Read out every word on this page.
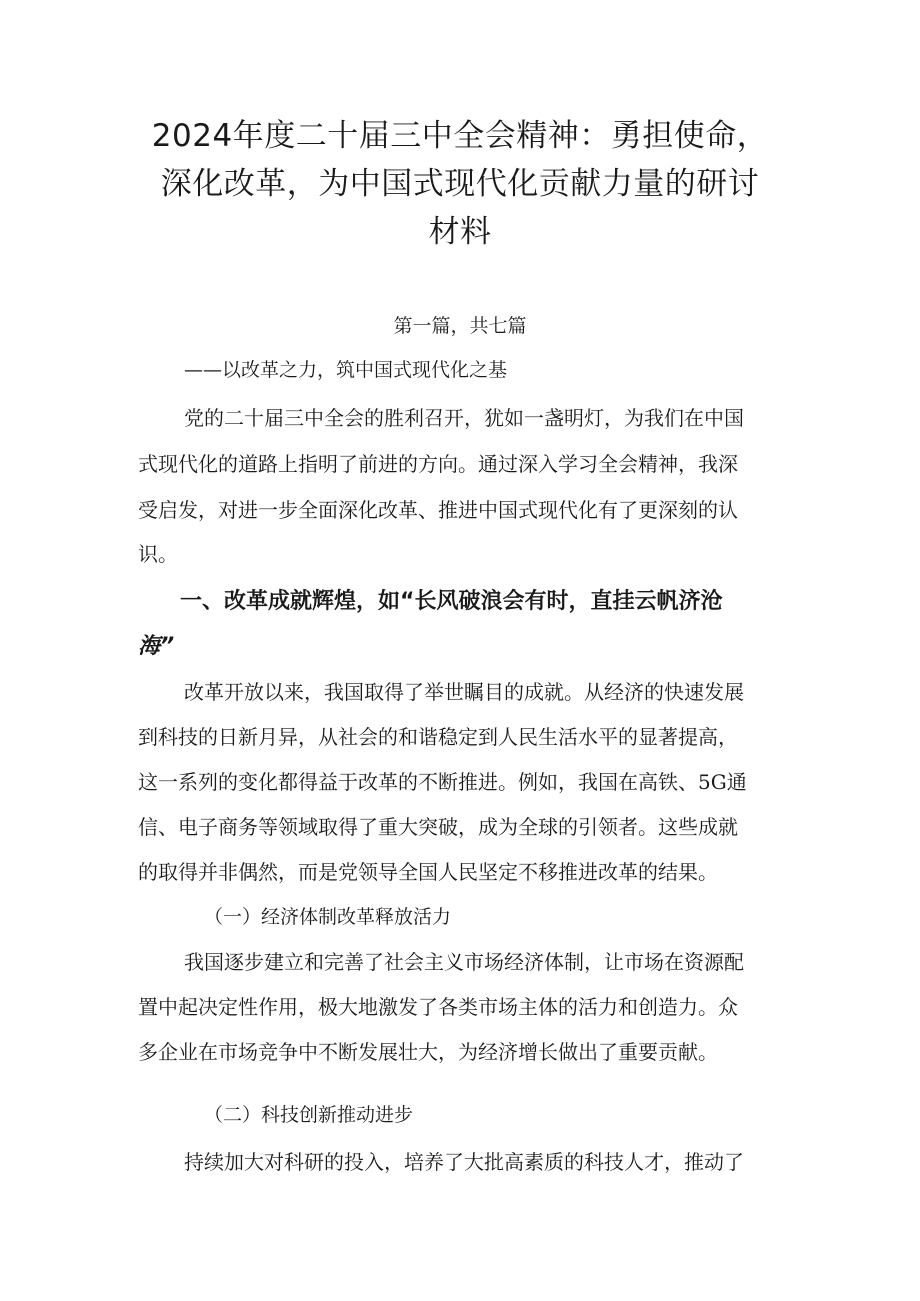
2024年度二十届三中全会精神：勇担使命，
深化改革，为中国式现代化贡献力量的研讨
材料

第一篇，共七篇

——以改革之力，筑中国式现代化之基

党的二十届三中全会的胜利召开，犹如一盏明灯，为我们在中国

式现代化的道路上指明了前进的方向。通过深入学习全会精神，我深

受启发，对进一步全面深化改革、推进中国式现代化有了更深刻的认

识。

一、改革成就辉煌，如“长风破浪会有时，直挂云帆济沧

海”

改革开放以来，我国取得了举世瞩目的成就。从经济的快速发展

到科技的日新月异，从社会的和谐稳定到人民生活水平的显著提高，

这一系列的变化都得益于改革的不断推进。例如，我国在高铁、5G通

信、电子商务等领域取得了重大突破，成为全球的引领者。这些成就

的取得并非偶然，而是党领导全国人民坚定不移推进改革的结果。

（一）经济体制改革释放活力

我国逐步建立和完善了社会主义市场经济体制，让市场在资源配

置中起决定性作用，极大地激发了各类市场主体的活力和创造力。众

多企业在市场竞争中不断发展壮大，为经济增长做出了重要贡献。

（二）科技创新推动进步

持续加大对科研的投入，培养了大批高素质的科技人才，推动了
